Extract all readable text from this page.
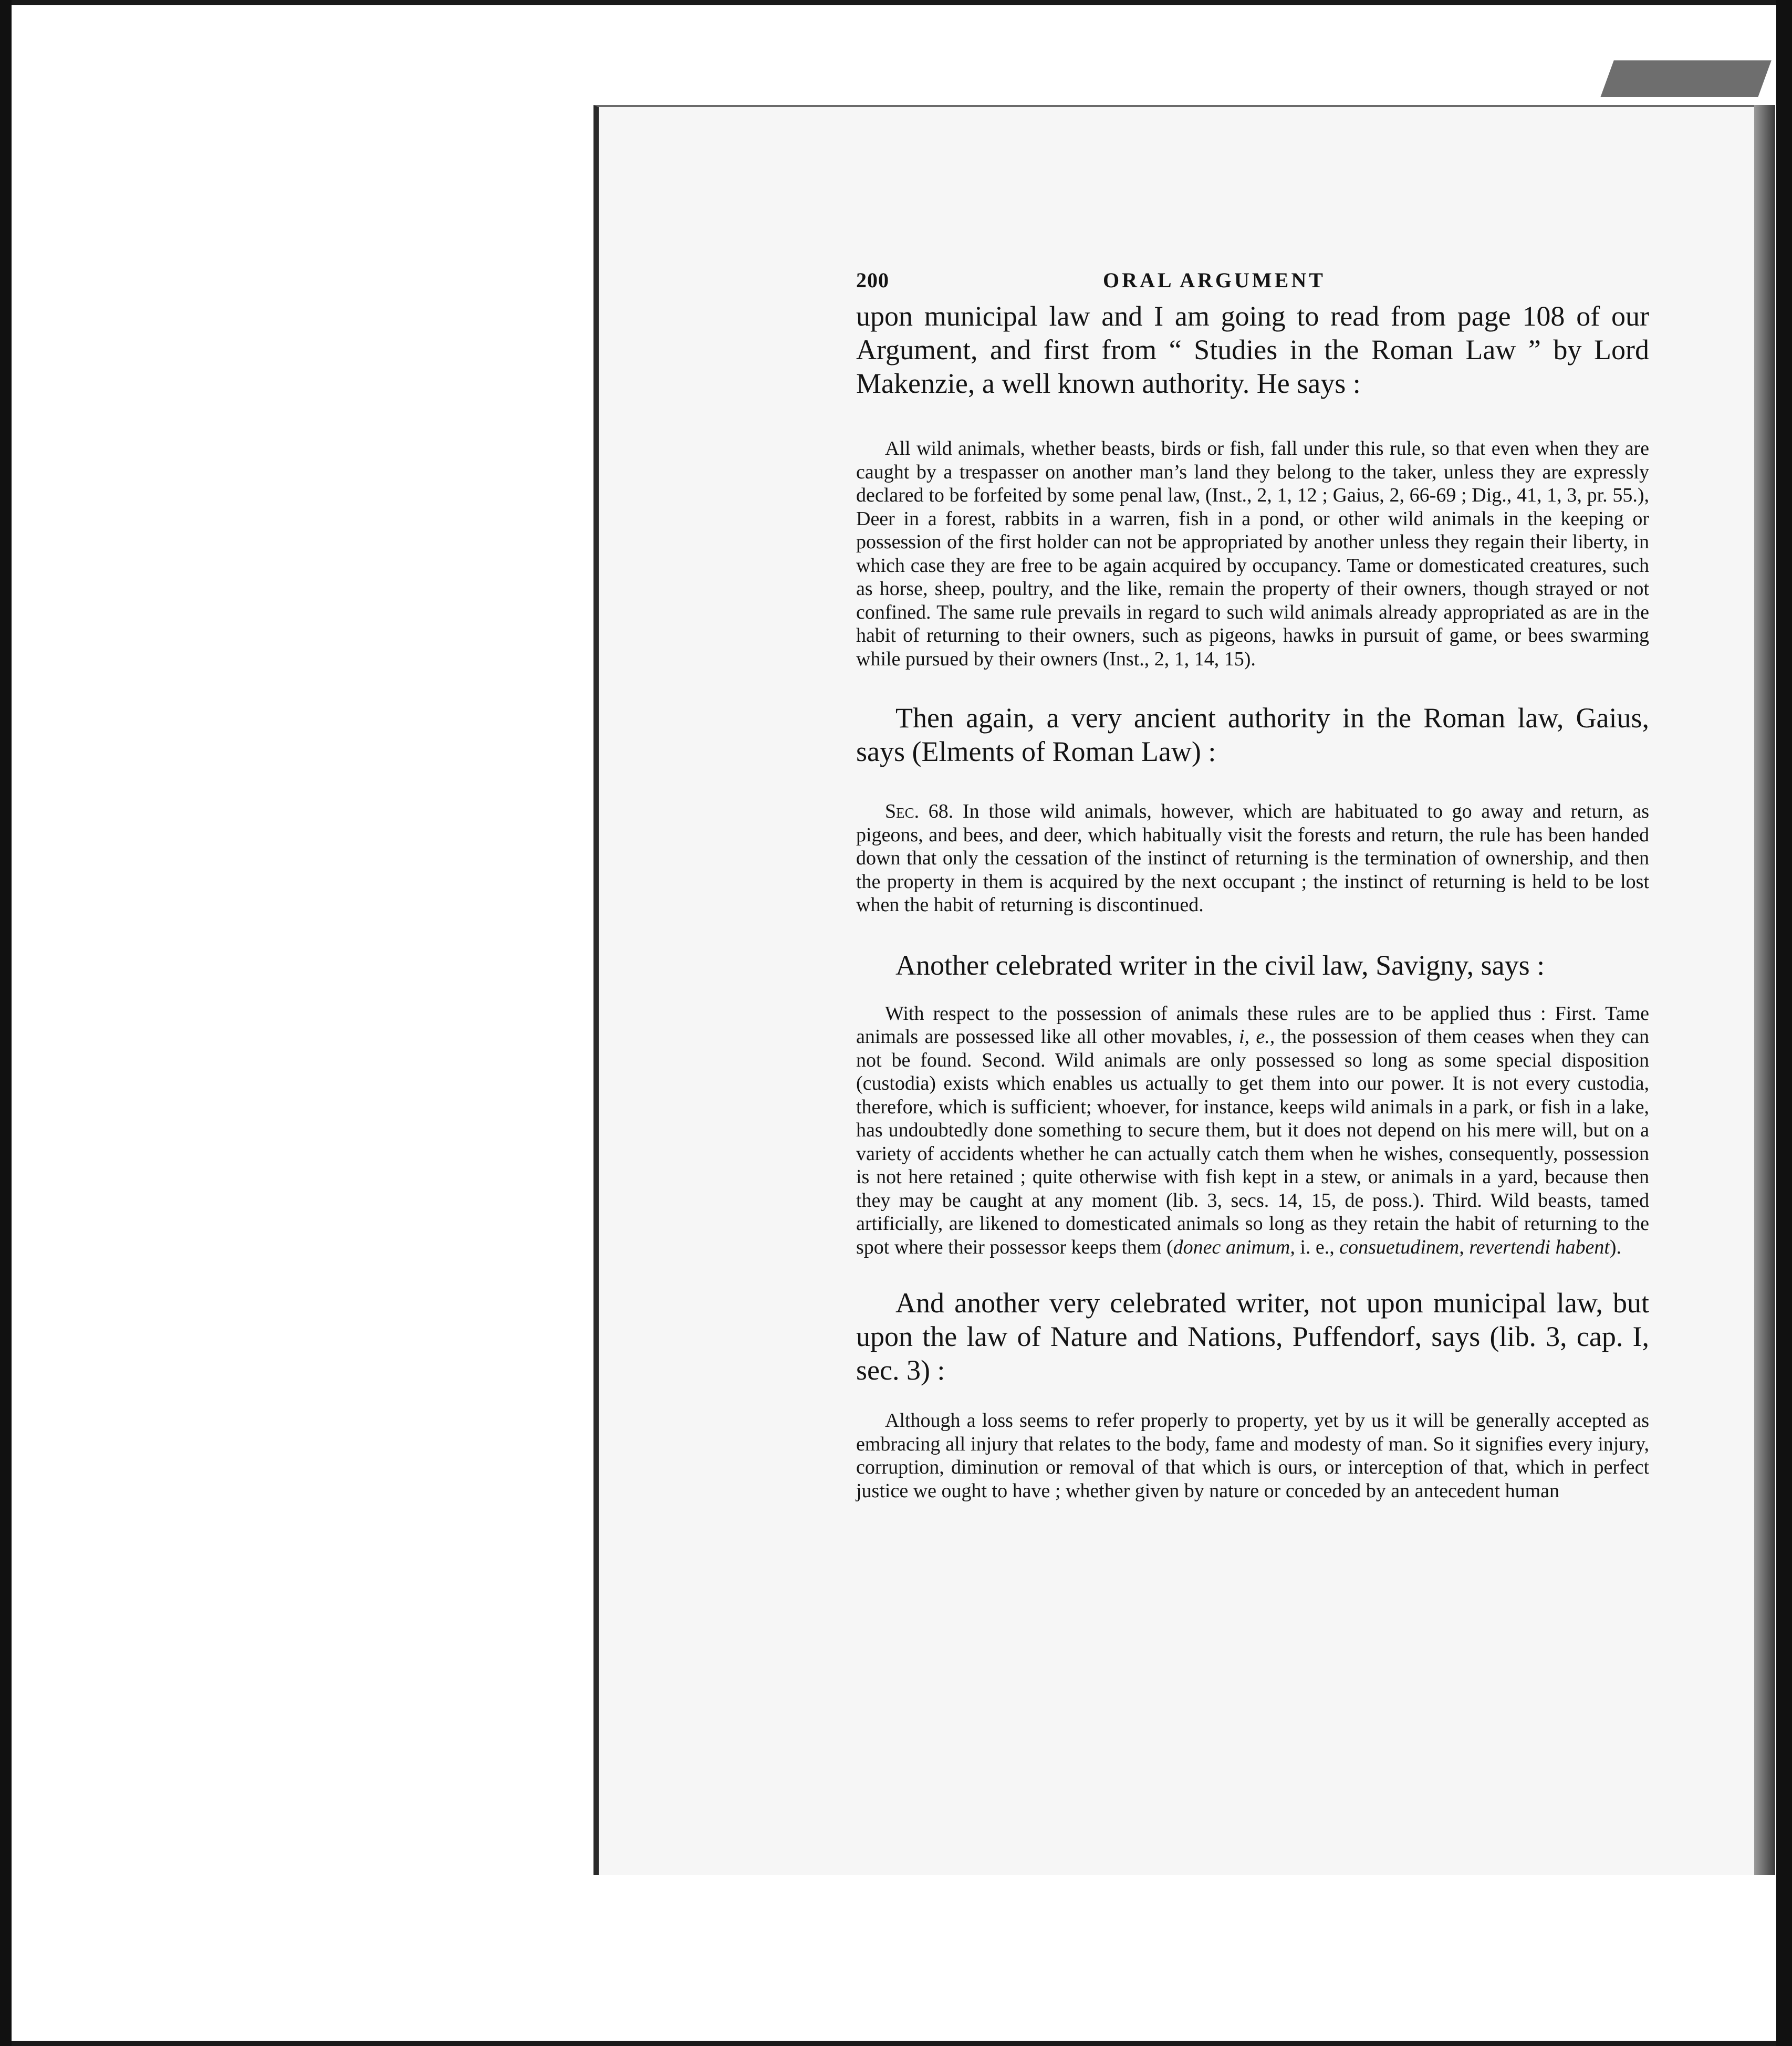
200	ORAL ARGUMENT

upon municipal law and I am going to read from page 108 of our Argument, and first from “ Studies in the Roman Law ” by Lord Makenzie, a well known authority. He says :

All wild animals, whether beasts, birds or fish, fall under this rule, so that even when they are caught by a trespasser on another man’s land they belong to the taker, unless they are expressly declared to be forfeited by some penal law, (Inst., 2, 1, 12 ; Gaius, 2, 66-69 ; Dig., 41, 1, 3, pr. 55.), Deer in a forest, rabbits in a warren, fish in a pond, or other wild animals in the keeping or possession of the first holder can not be appropriated by another unless they regain their liberty, in which case they are free to be again acquired by occupancy. Tame or domesticated creatures, such as horse, sheep, poultry, and the like, remain the property of their owners, though strayed or not confined. The same rule prevails in regard to such wild animals already appropriated as are in the habit of returning to their owners, such as pigeons, hawks in pursuit of game, or bees swarming while pursued by their owners (Inst., 2, 1, 14, 15).

Then again, a very ancient authority in the Roman law, Gaius, says (Elments of Roman Law) :

Sec. 68. In those wild animals, however, which are habituated to go away and return, as pigeons, and bees, and deer, which habitually visit the forests and return, the rule has been handed down that only the cessation of the instinct of returning is the termination of ownership, and then the property in them is acquired by the next occupant ; the instinct of returning is held to be lost when the habit of returning is discontinued.

Another celebrated writer in the civil law, Savigny, says :

With respect to the possession of animals these rules are to be applied thus : First. Tame animals are possessed like all other movables, i, e., the possession of them ceases when they can not be found. Second. Wild animals are only possessed so long as some special disposition (custodia) exists which enables us actually to get them into our power. It is not every custodia, therefore, which is sufficient; whoever, for instance, keeps wild animals in a park, or fish in a lake, has undoubtedly done something to secure them, but it does not depend on his mere will, but on a variety of accidents whether he can actually catch them when he wishes, consequently, possession is not here retained ; quite otherwise with fish kept in a stew, or animals in a yard, because then they may be caught at any moment (lib. 3, secs. 14, 15, de poss.). Third. Wild beasts, tamed artificially, are likened to domesticated animals so long as they retain the habit of returning to the spot where their possessor keeps them (donec animum, i. e., consuetudinem, revertendi habent).

And another very celebrated writer, not upon municipal law, but upon the law of Nature and Nations, Puffendorf, says (lib. 3, cap. I, sec. 3) :

Although a loss seems to refer properly to property, yet by us it will be generally accepted as embracing all injury that relates to the body, fame and modesty of man. So it signifies every injury, corruption, diminution or removal of that which is ours, or interception of that, which in perfect justice we ought to have ; whether given by nature or conceded by an antecedent human
